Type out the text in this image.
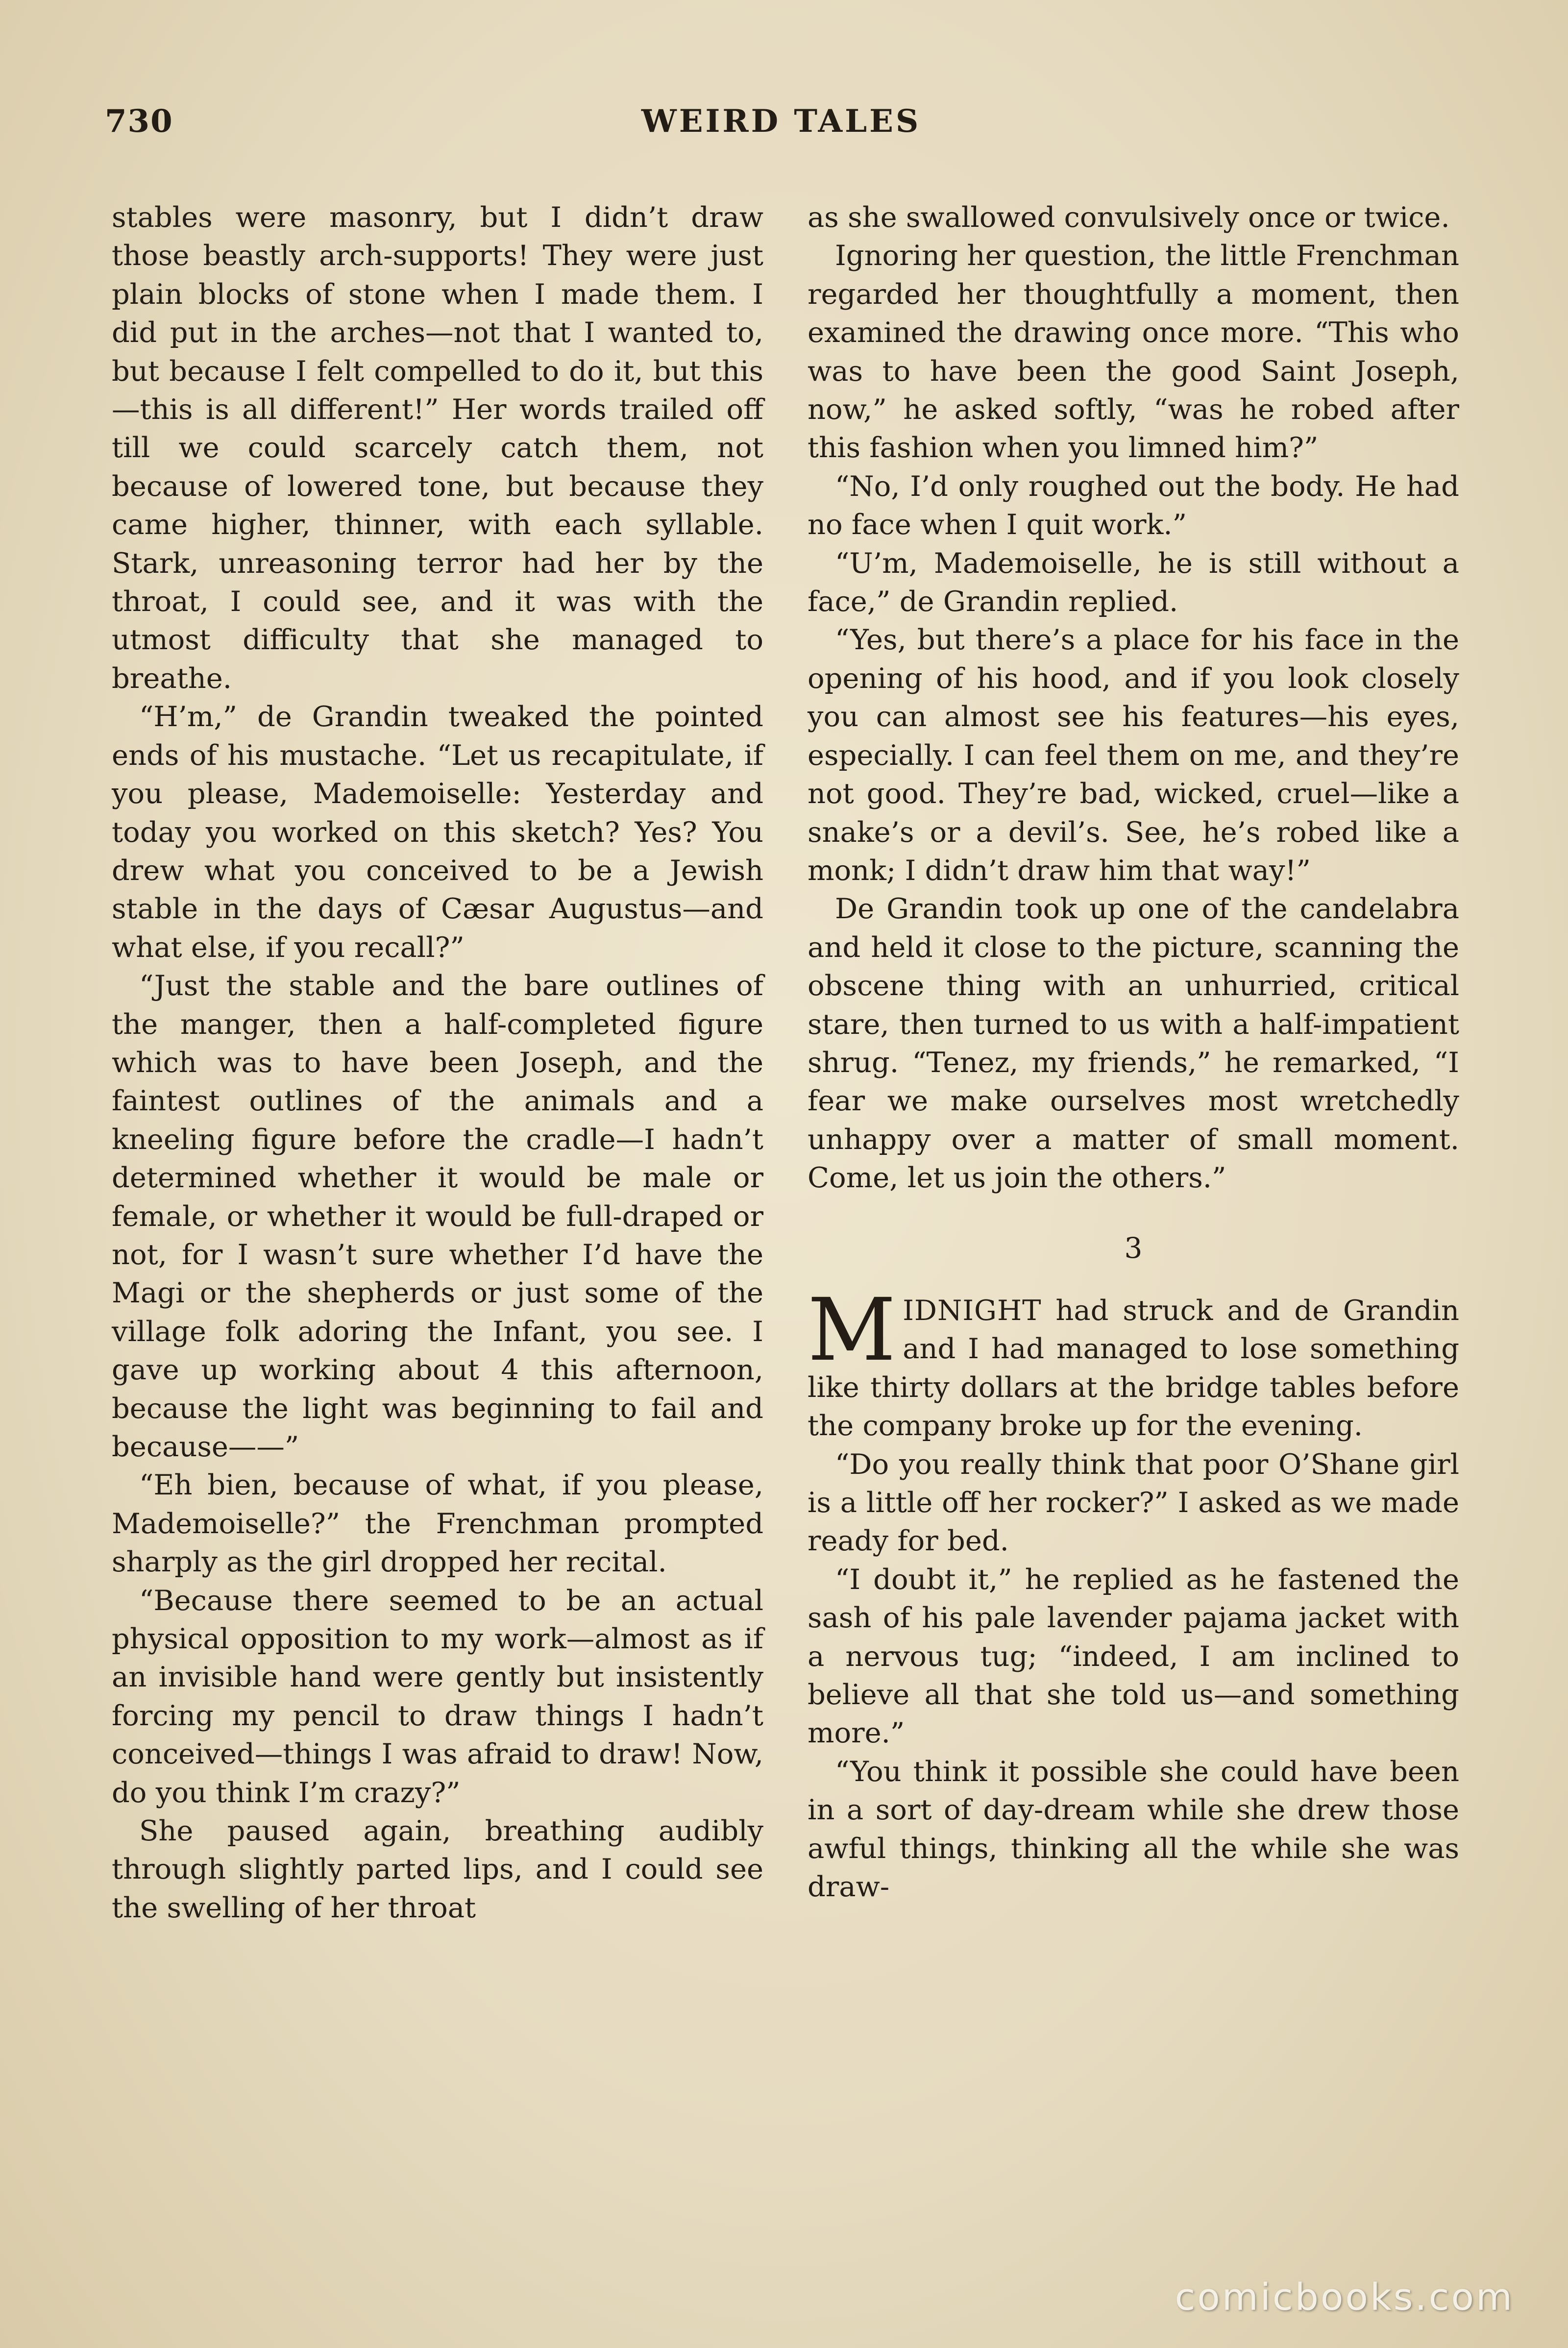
730	WEIRD TALES

stables were masonry, but I didn’t draw those beastly arch-supports! They were just plain blocks of stone when I made them. I did put in the arches—not that I wanted to, but because I felt compelled to do it, but this—this is all different!” Her words trailed off till we could scarcely catch them, not because of lowered tone, but because they came higher, thinner, with each syllable. Stark, unreasoning terror had her by the throat, I could see, and it was with the utmost difficulty that she managed to breathe.

“H’m,” de Grandin tweaked the pointed ends of his mustache. “Let us recapitulate, if you please, Mademoiselle: Yesterday and today you worked on this sketch? Yes? You drew what you conceived to be a Jewish stable in the days of Cæsar Augustus—and what else, if you recall?”

“Just the stable and the bare outlines of the manger, then a half-completed figure which was to have been Joseph, and the faintest outlines of the animals and a kneeling figure before the cradle—I hadn’t determined whether it would be male or female, or whether it would be full-draped or not, for I wasn’t sure whether I’d have the Magi or the shepherds or just some of the village folk adoring the Infant, you see. I gave up working about 4 this afternoon, because the light was beginning to fail and because——”

“Eh bien, because of what, if you please, Mademoiselle?” the Frenchman prompted sharply as the girl dropped her recital.

“Because there seemed to be an actual physical opposition to my work—almost as if an invisible hand were gently but insistently forcing my pencil to draw things I hadn’t conceived—things I was afraid to draw! Now, do you think I’m crazy?”

She paused again, breathing audibly through slightly parted lips, and I could see the swelling of her throat

as she swallowed convulsively once or twice.

Ignoring her question, the little Frenchman regarded her thoughtfully a moment, then examined the drawing once more. “This who was to have been the good Saint Joseph, now,” he asked softly, “was he robed after this fashion when you limned him?”

“No, I’d only roughed out the body. He had no face when I quit work.”

“U’m, Mademoiselle, he is still without a face,” de Grandin replied.

“Yes, but there’s a place for his face in the opening of his hood, and if you look closely you can almost see his features—his eyes, especially. I can feel them on me, and they’re not good. They’re bad, wicked, cruel—like a snake’s or a devil’s. See, he’s robed like a monk; I didn’t draw him that way!”

De Grandin took up one of the candelabra and held it close to the picture, scanning the obscene thing with an unhurried, critical stare, then turned to us with a half-impatient shrug. “Tenez, my friends,” he remarked, “I fear we make ourselves most wretchedly unhappy over a matter of small moment. Come, let us join the others.”

3

MIDNIGHT had struck and de Grandin and I had managed to lose something like thirty dollars at the bridge tables before the company broke up for the evening.

“Do you really think that poor O’Shane girl is a little off her rocker?” I asked as we made ready for bed.

“I doubt it,” he replied as he fastened the sash of his pale lavender pajama jacket with a nervous tug; “indeed, I am inclined to believe all that she told us—and something more.”

“You think it possible she could have been in a sort of day-dream while she drew those awful things, thinking all the while she was draw-

comicbooks.com
